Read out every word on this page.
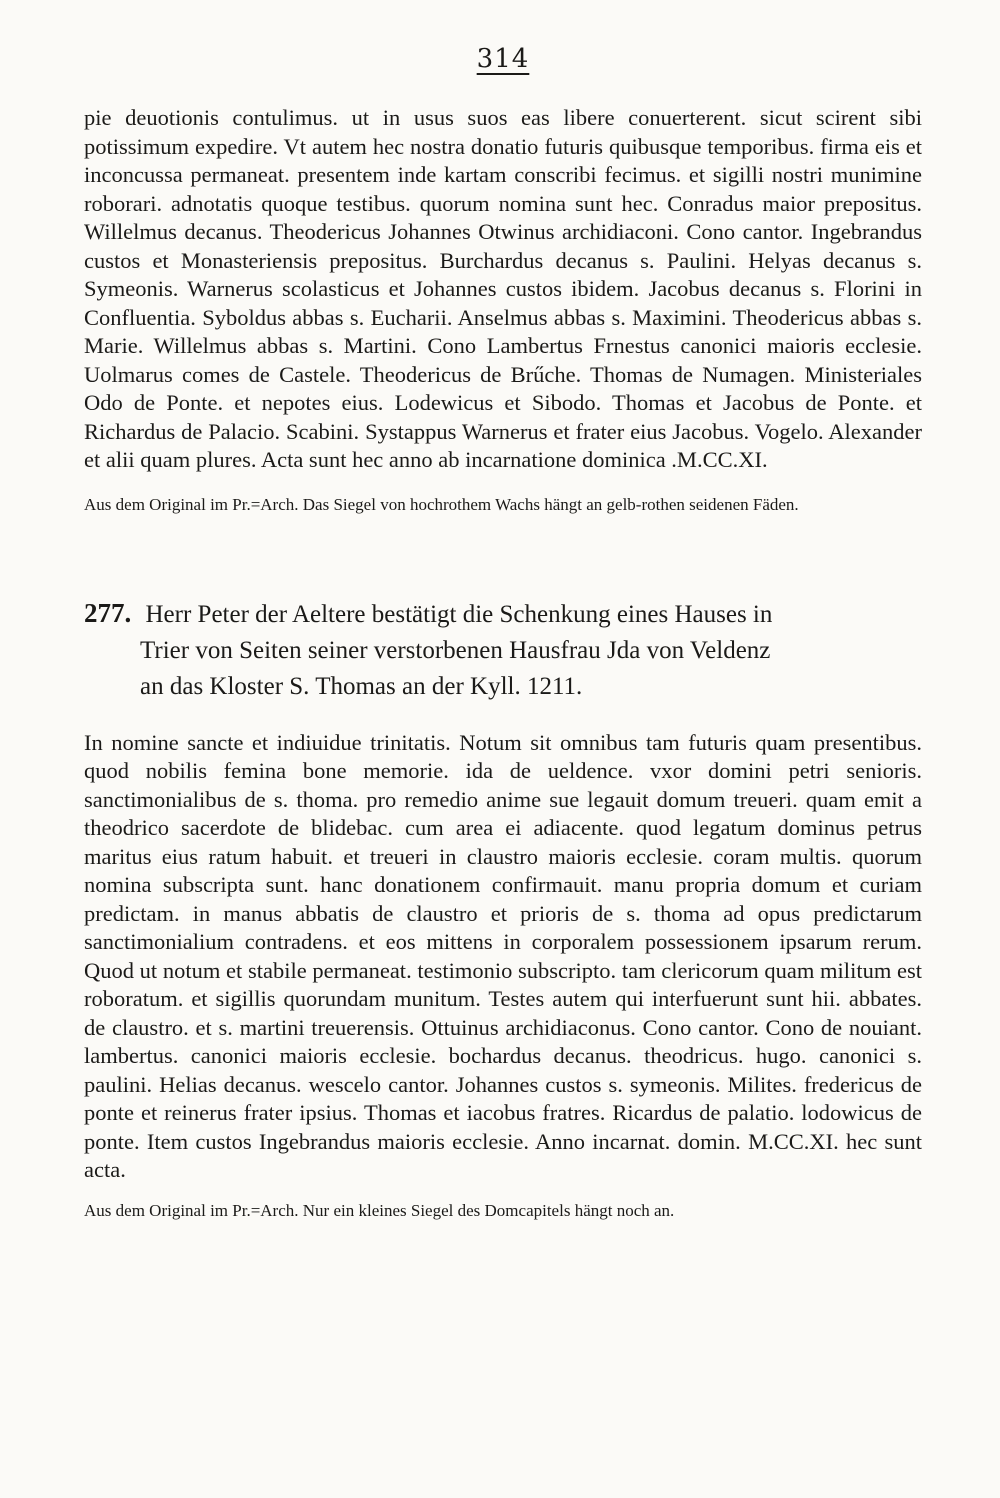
314

pie deuotionis contulimus. ut in usus suos eas libere conuerterent. sicut scirent sibi potissimum expedire. Vt autem hec nostra donatio futuris quibusque temporibus. firma eis et inconcussa permaneat. presentem inde kartam conscribi fecimus. et sigilli nostri munimine roborari. adnotatis quoque testibus. quorum nomina sunt hec. Conradus maior prepositus. Willelmus decanus. Theodericus Johannes Otwinus archidiaconi. Cono cantor. Ingebrandus custos et Monasteriensis prepositus. Burchardus decanus s. Paulini. Helyas decanus s. Symeonis. Warnerus scolasticus et Johannes custos ibidem. Jacobus decanus s. Florini in Confluentia. Syboldus abbas s. Eucharii. Anselmus abbas s. Maximini. Theodericus abbas s. Marie. Willelmus abbas s. Martini. Cono Lambertus Frnestus canonici maioris ecclesie. Uolmarus comes de Castele. Theodericus de Brűche. Thomas de Numagen. Ministeriales Odo de Ponte. et nepotes eius. Lodewicus et Sibodo. Thomas et Jacobus de Ponte. et Richardus de Palacio. Scabini. Systappus Warnerus et frater eius Jacobus. Vogelo. Alexander et alii quam plures. Acta sunt hec anno ab incarnatione dominica .M.CC.XI.

Aus dem Original im Pr.=Arch. Das Siegel von hochrothem Wachs hängt an gelb-rothen seidenen Fäden.

277. Herr Peter der Aeltere bestätigt die Schenkung eines Hauses in
Trier von Seiten seiner verstorbenen Hausfrau Jda von Veldenz
an das Kloster S. Thomas an der Kyll. 1211.

In nomine sancte et indiuidue trinitatis. Notum sit omnibus tam futuris quam presentibus. quod nobilis femina bone memorie. ida de ueldence. vxor domini petri senioris. sanctimonialibus de s. thoma. pro remedio anime sue legauit domum treueri. quam emit a theodrico sacerdote de blidebac. cum area ei adiacente. quod legatum dominus petrus maritus eius ratum habuit. et treueri in claustro maioris ecclesie. coram multis. quorum nomina subscripta sunt. hanc donationem confirmauit. manu propria domum et curiam predictam. in manus abbatis de claustro et prioris de s. thoma ad opus predictarum sanctimonialium contradens. et eos mittens in corporalem possessionem ipsarum rerum. Quod ut notum et stabile permaneat. testimonio subscripto. tam clericorum quam militum est roboratum. et sigillis quorundam munitum. Testes autem qui interfuerunt sunt hii. abbates. de claustro. et s. martini treuerensis. Ottuinus archidiaconus. Cono cantor. Cono de nouiant. lambertus. canonici maioris ecclesie. bochardus decanus. theodricus. hugo. canonici s. paulini. Helias decanus. wescelo cantor. Johannes custos s. symeonis. Milites. fredericus de ponte et reinerus frater ipsius. Thomas et iacobus fratres. Ricardus de palatio. lodowicus de ponte. Item custos Ingebrandus maioris ecclesie. Anno incarnat. domin. M.CC.XI. hec sunt acta.

Aus dem Original im Pr.=Arch. Nur ein kleines Siegel des Domcapitels hängt noch an.
